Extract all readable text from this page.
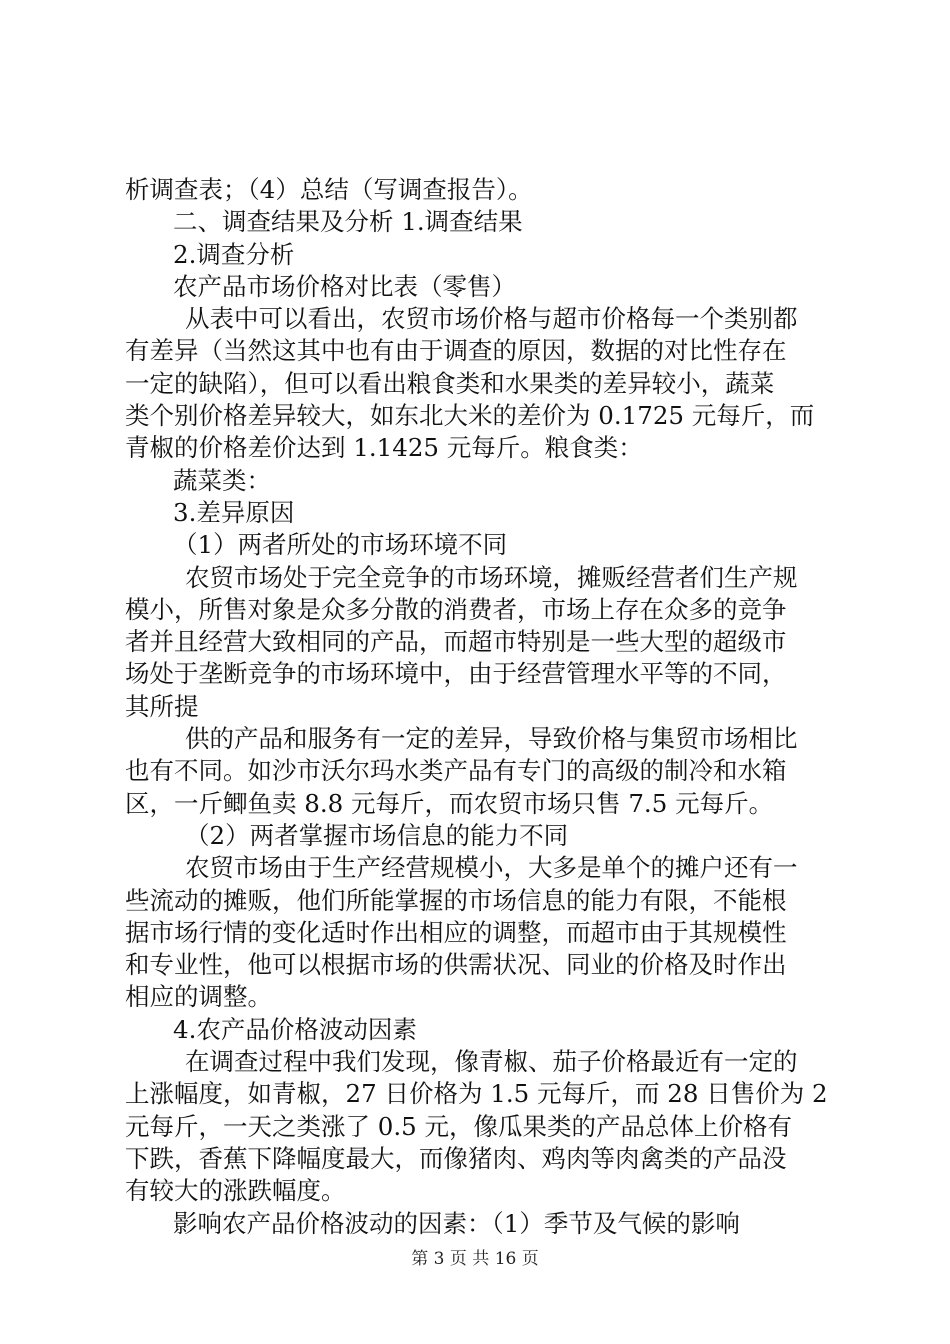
析调查表；（4）总结（写调查报告）。
二、调查结果及分析 1.调查结果
2.调查分析
农产品市场价格对比表（零售）
从表中可以看出，农贸市场价格与超市价格每一个类别都
有差异（当然这其中也有由于调查的原因，数据的对比性存在
一定的缺陷），但可以看出粮食类和水果类的差异较小，蔬菜
类个别价格差异较大，如东北大米的差价为 0.1725 元每斤，而
青椒的价格差价达到 1.1425 元每斤。粮食类：
蔬菜类：
3.差异原因
（1）两者所处的市场环境不同
农贸市场处于完全竞争的市场环境，摊贩经营者们生产规
模小，所售对象是众多分散的消费者，市场上存在众多的竞争
者并且经营大致相同的产品，而超市特别是一些大型的超级市
场处于垄断竞争的市场环境中，由于经营管理水平等的不同，
其所提
供的产品和服务有一定的差异，导致价格与集贸市场相比
也有不同。如沙市沃尔玛水类产品有专门的高级的制冷和水箱
区，一斤鲫鱼卖 8.8 元每斤，而农贸市场只售 7.5 元每斤。
（2）两者掌握市场信息的能力不同
农贸市场由于生产经营规模小，大多是单个的摊户还有一
些流动的摊贩，他们所能掌握的市场信息的能力有限，不能根
据市场行情的变化适时作出相应的调整，而超市由于其规模性
和专业性，他可以根据市场的供需状况、同业的价格及时作出
相应的调整。
4.农产品价格波动因素
在调查过程中我们发现，像青椒、茄子价格最近有一定的
上涨幅度，如青椒，27 日价格为 1.5 元每斤，而 28 日售价为 2
元每斤，一天之类涨了 0.5 元，像瓜果类的产品总体上价格有
下跌，香蕉下降幅度最大，而像猪肉、鸡肉等肉禽类的产品没
有较大的涨跌幅度。
影响农产品价格波动的因素：（1）季节及气候的影响
第 3 页 共 16 页
